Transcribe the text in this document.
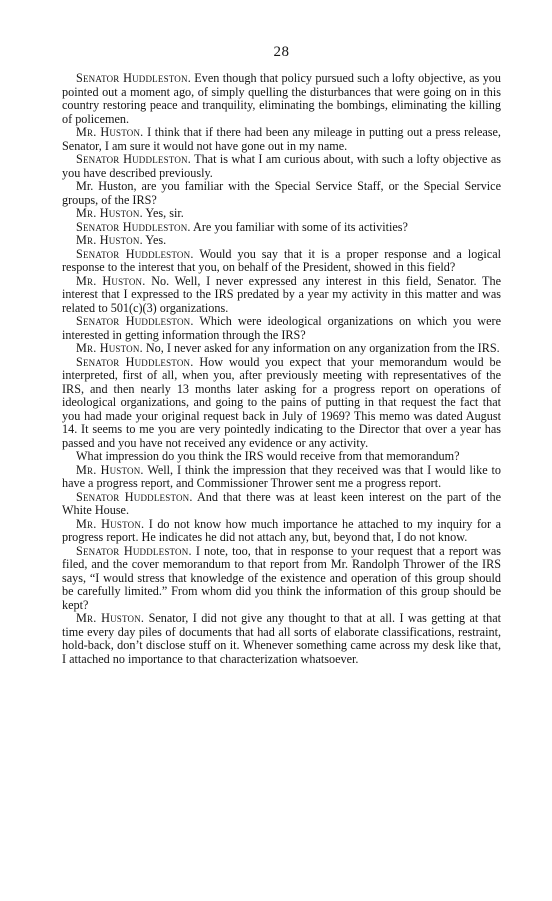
28

Senator Huddleston. Even though that policy pursued such a lofty objective, as you pointed out a moment ago, of simply quelling the disturbances that were going on in this country restoring peace and tranquility, eliminating the bombings, eliminating the killing of policemen.

Mr. Huston. I think that if there had been any mileage in putting out a press release, Senator, I am sure it would not have gone out in my name.

Senator Huddleston. That is what I am curious about, with such a lofty objective as you have described previously.

Mr. Huston, are you familiar with the Special Service Staff, or the Special Service groups, of the IRS?

Mr. Huston. Yes, sir.

Senator Huddleston. Are you familiar with some of its activities?

Mr. Huston. Yes.

Senator Huddleston. Would you say that it is a proper response and a logical response to the interest that you, on behalf of the President, showed in this field?

Mr. Huston. No. Well, I never expressed any interest in this field, Senator. The interest that I expressed to the IRS predated by a year my activity in this matter and was related to 501(c)(3) organizations.

Senator Huddleston. Which were ideological organizations on which you were interested in getting information through the IRS?

Mr. Huston. No, I never asked for any information on any organization from the IRS.

Senator Huddleston. How would you expect that your memorandum would be interpreted, first of all, when you, after previously meeting with representatives of the IRS, and then nearly 13 months later asking for a progress report on operations of ideological organizations, and going to the pains of putting in that request the fact that you had made your original request back in July of 1969? This memo was dated August 14. It seems to me you are very pointedly indicating to the Director that over a year has passed and you have not received any evidence or any activity.

What impression do you think the IRS would receive from that memorandum?

Mr. Huston. Well, I think the impression that they received was that I would like to have a progress report, and Commissioner Thrower sent me a progress report.

Senator Huddleston. And that there was at least keen interest on the part of the White House.

Mr. Huston. I do not know how much importance he attached to my inquiry for a progress report. He indicates he did not attach any, but, beyond that, I do not know.

Senator Huddleston. I note, too, that in response to your request that a report was filed, and the cover memorandum to that report from Mr. Randolph Thrower of the IRS says, “I would stress that knowledge of the existence and operation of this group should be carefully limited.” From whom did you think the information of this group should be kept?

Mr. Huston. Senator, I did not give any thought to that at all. I was getting at that time every day piles of documents that had all sorts of elaborate classifications, restraint, hold-back, don’t disclose stuff on it. Whenever something came across my desk like that, I attached no importance to that characterization whatsoever.
